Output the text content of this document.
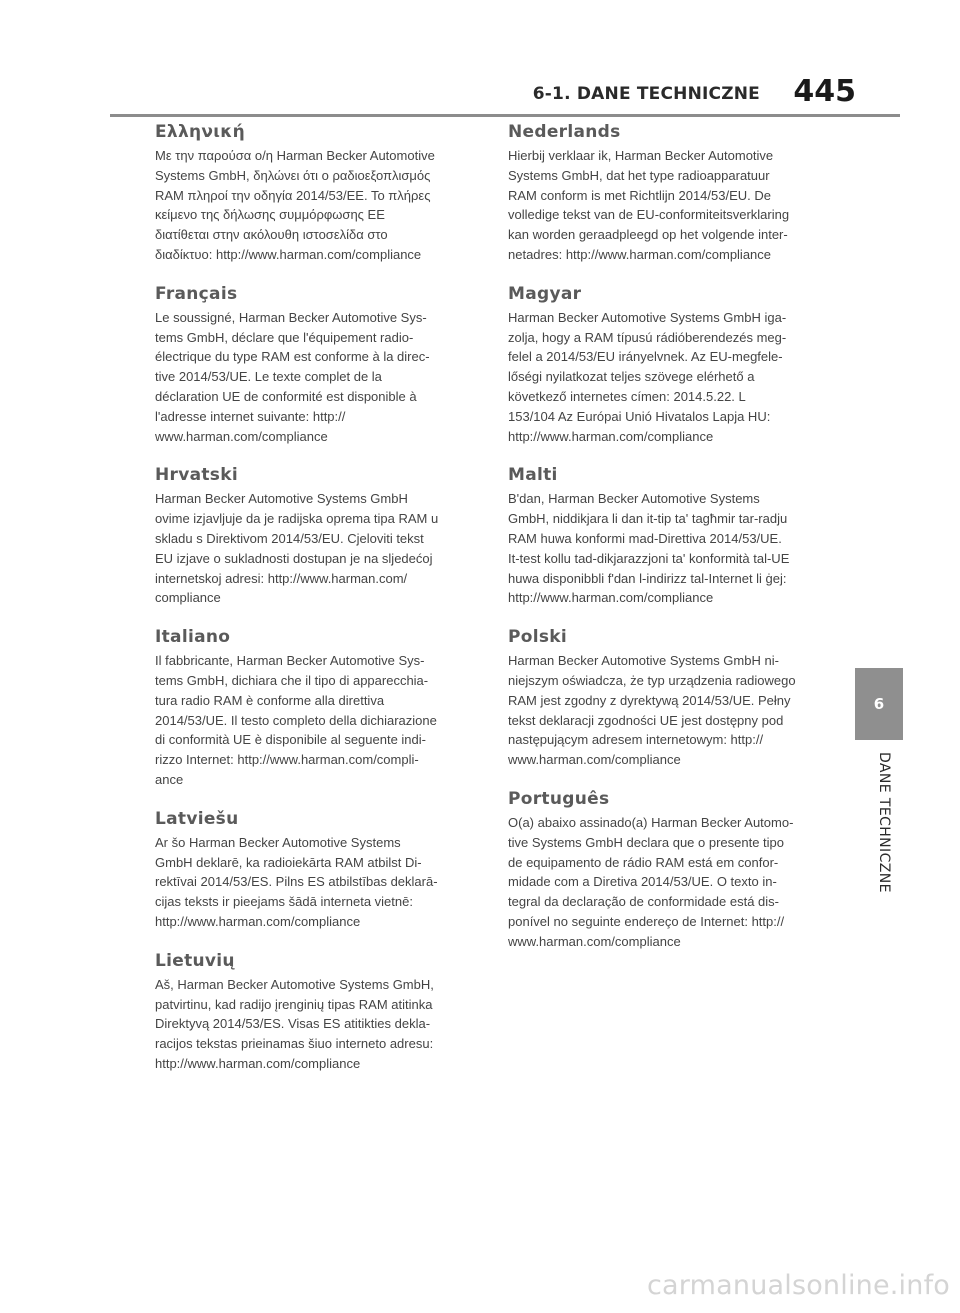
6-1. DANE TECHNICZNE	445
Ελληνική

Με την παρούσα ο/η Harman Becker Automotive
Systems GmbH, δηλώνει ότι ο ραδιοεξοπλισμός
RAM πληροί την οδηγία 2014/53/ΕΕ. Το πλήρες
κείμενο της δήλωσης συμμόρφωσης ΕΕ
διατίθεται στην ακόλουθη ιστοσελίδα στο
διαδίκτυο: http://www.harman.com/compliance

Français

Le soussigné, Harman Becker Automotive Sys-
tems GmbH, déclare que l'équipement radio-
électrique du type RAM est conforme à la direc-
tive 2014/53/UE. Le texte complet de la
déclaration UE de conformité est disponible à
l'adresse internet suivante: http://
www.harman.com/compliance

Hrvatski

Harman Becker Automotive Systems GmbH
ovime izjavljuje da je radijska oprema tipa RAM u
skladu s Direktivom 2014/53/EU. Cjeloviti tekst
EU izjave o sukladnosti dostupan je na sljedećoj
internetskoj adresi: http://www.harman.com/
compliance

Italiano

Il fabbricante, Harman Becker Automotive Sys-
tems GmbH, dichiara che il tipo di apparecchia-
tura radio RAM è conforme alla direttiva
2014/53/UE. Il testo completo della dichiarazione
di conformità UE è disponibile al seguente indi-
rizzo Internet: http://www.harman.com/compli-
ance

Latviešu

Ar šo Harman Becker Automotive Systems
GmbH deklarē, ka radioiekārta RAM atbilst Di-
rektīvai 2014/53/ES. Pilns ES atbilstības deklarā-
cijas teksts ir pieejams šādā interneta vietnē:
http://www.harman.com/compliance

Lietuvių

Aš, Harman Becker Automotive Systems GmbH,
patvirtinu, kad radijo įrenginių tipas RAM atitinka
Direktyvą 2014/53/ES. Visas ES atitikties dekla-
racijos tekstas prieinamas šiuo interneto adresu:
http://www.harman.com/compliance

Nederlands

Hierbij verklaar ik, Harman Becker Automotive
Systems GmbH, dat het type radioapparatuur
RAM conform is met Richtlijn 2014/53/EU. De
volledige tekst van de EU-conformiteitsverklaring
kan worden geraadpleegd op het volgende inter-
netadres: http://www.harman.com/compliance

Magyar

Harman Becker Automotive Systems GmbH iga-
zolja, hogy a RAM típusú rádióberendezés meg-
felel a 2014/53/EU irányelvnek. Az EU-megfele-
lőségi nyilatkozat teljes szövege elérhető a
következő internetes címen: 2014.5.22. L
153/104 Az Európai Unió Hivatalos Lapja HU:
http://www.harman.com/compliance

Malti

B'dan, Harman Becker Automotive Systems
GmbH, niddikjara li dan it-tip ta' tagħmir tar-radju
RAM huwa konformi mad-Direttiva 2014/53/UE.
It-test kollu tad-dikjarazzjoni ta' konformità tal-UE
huwa disponibbli f'dan l-indirizz tal-Internet li ġej:
http://www.harman.com/compliance

Polski

Harman Becker Automotive Systems GmbH ni-
niejszym oświadcza, że typ urządzenia radiowego
RAM jest zgodny z dyrektywą 2014/53/UE. Pełny
tekst deklaracji zgodności UE jest dostępny pod
następującym adresem internetowym: http://
www.harman.com/compliance

Português

O(a) abaixo assinado(a) Harman Becker Automo-
tive Systems GmbH declara que o presente tipo
de equipamento de rádio RAM está em confor-
midade com a Diretiva 2014/53/UE. O texto in-
tegral da declaração de conformidade está dis-
ponível no seguinte endereço de Internet: http://
www.harman.com/compliance

6
DANE TECHNICZNE
carmanualsonline.info
